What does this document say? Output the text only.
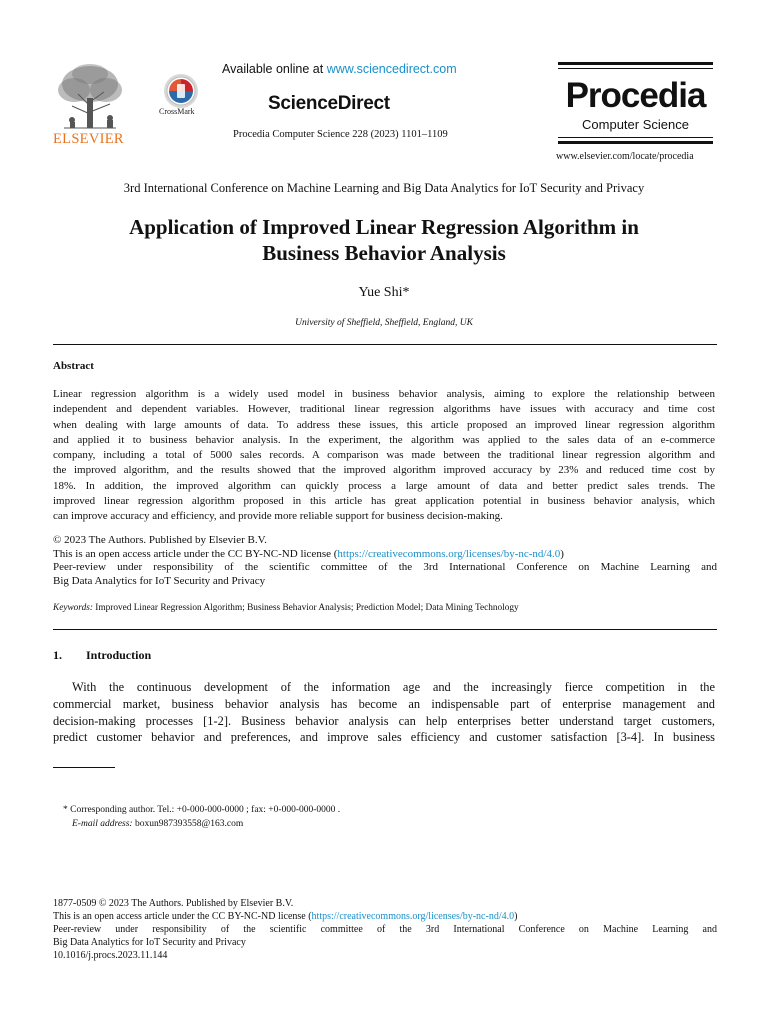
ELSEVIER
CrossMark
Available online at www.sciencedirect.com
ScienceDirect
Procedia Computer Science 228 (2023) 1101–1109
Procedia
Computer Science
www.elsevier.com/locate/procedia
3rd International Conference on Machine Learning and Big Data Analytics for IoT Security and Privacy
Application of Improved Linear Regression Algorithm in
Business Behavior Analysis
Yue Shi*
University of Sheffield, Sheffield, England, UK
Abstract
Linear regression algorithm is a widely used model in business behavior analysis, aiming to explore the relationship between
independent and dependent variables. However, traditional linear regression algorithms have issues with accuracy and time cost
when dealing with large amounts of data. To address these issues, this article proposed an improved linear regression algorithm
and applied it to business behavior analysis. In the experiment, the algorithm was applied to the sales data of an e-commerce
company, including a total of 5000 sales records. A comparison was made between the traditional linear regression algorithm and
the improved algorithm, and the results showed that the improved algorithm improved accuracy by 23% and reduced time cost by
18%. In addition, the improved algorithm can quickly process a large amount of data and better predict sales trends. The
improved linear regression algorithm proposed in this article has great application potential in business behavior analysis, which
can improve accuracy and efficiency, and provide more reliable support for business decision-making.
© 2023 The Authors. Published by Elsevier B.V.
This is an open access article under the CC BY-NC-ND license (https://creativecommons.org/licenses/by-nc-nd/4.0)
Peer-review under responsibility of the scientific committee of the 3rd International Conference on Machine Learning and
Big Data Analytics for IoT Security and Privacy
Keywords: Improved Linear Regression Algorithm; Business Behavior Analysis; Prediction Model; Data Mining Technology
1. Introduction
With the continuous development of the information age and the increasingly fierce competition in the
commercial market, business behavior analysis has become an indispensable part of enterprise management and
decision-making processes [1-2]. Business behavior analysis can help enterprises better understand target customers,
predict customer behavior and preferences, and improve sales efficiency and customer satisfaction [3-4]. In business
* Corresponding author. Tel.: +0-000-000-0000 ; fax: +0-000-000-0000 .
E-mail address: boxun987393558@163.com
1877-0509 © 2023 The Authors. Published by Elsevier B.V.
This is an open access article under the CC BY-NC-ND license (https://creativecommons.org/licenses/by-nc-nd/4.0)
Peer-review under responsibility of the scientific committee of the 3rd International Conference on Machine Learning and
Big Data Analytics for IoT Security and Privacy
10.1016/j.procs.2023.11.144
